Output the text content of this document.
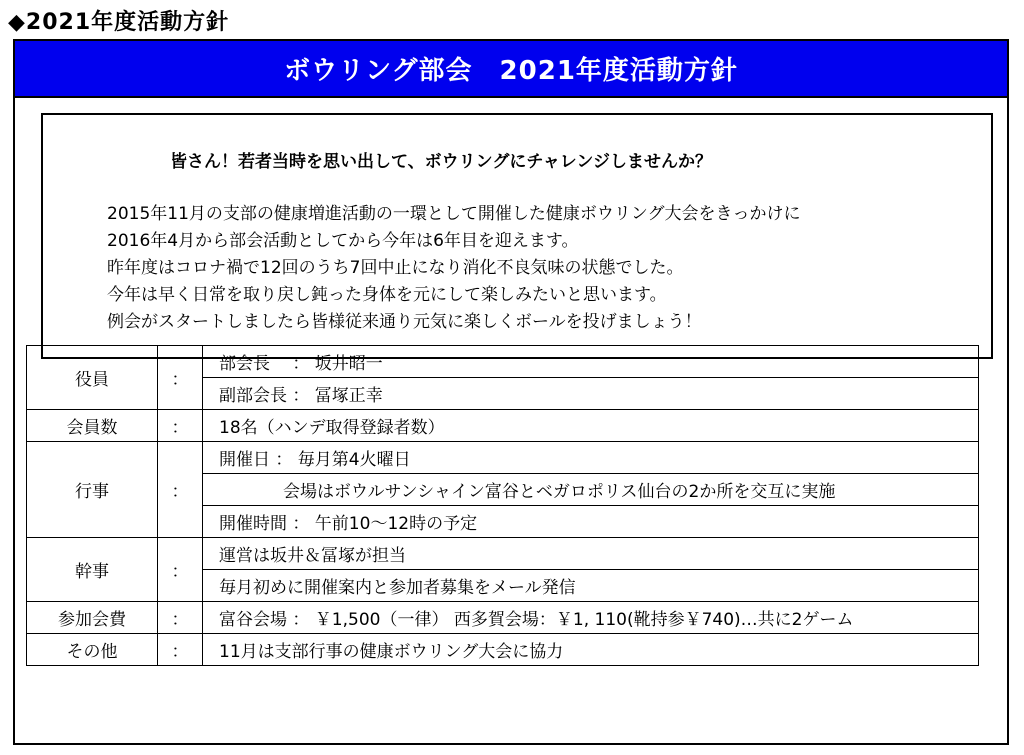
◆2021年度活動方針
ボウリング部会　2021年度活動方針
皆さん！若者当時を思い出して、ボウリングにチャレンジしませんか？
2015年11月の支部の健康増進活動の一環として開催した健康ボウリング大会をきっかけに
2016年4月から部会活動としてから今年は6年目を迎えます。
昨年度はコロナ禍で12回のうち7回中止になり消化不良気味の状態でした。
今年は早く日常を取り戻し鈍った身体を元にして楽しみたいと思います。
例会がスタートしましたら皆様従来通り元気に楽しくボールを投げましょう！
役員	：	部会長　 ： 坂井昭一
		副部会長 ： 冨塚正幸
会員数	：	18名（ハンデ取得登録者数）
行事	：	開催日 ： 毎月第4火曜日
		会場はボウルサンシャイン富谷とベガロポリス仙台の2か所を交互に実施
		開催時間 ： 午前10～12時の予定
幹事	：	運営は坂井＆冨塚が担当
		毎月初めに開催案内と参加者募集をメール発信
参加会費	：	富谷会場 ： ￥1,500（一律） 西多賀会場：￥1, 110(靴持参￥740)…共に2ゲーム
その他	：	11月は支部行事の健康ボウリング大会に協力
